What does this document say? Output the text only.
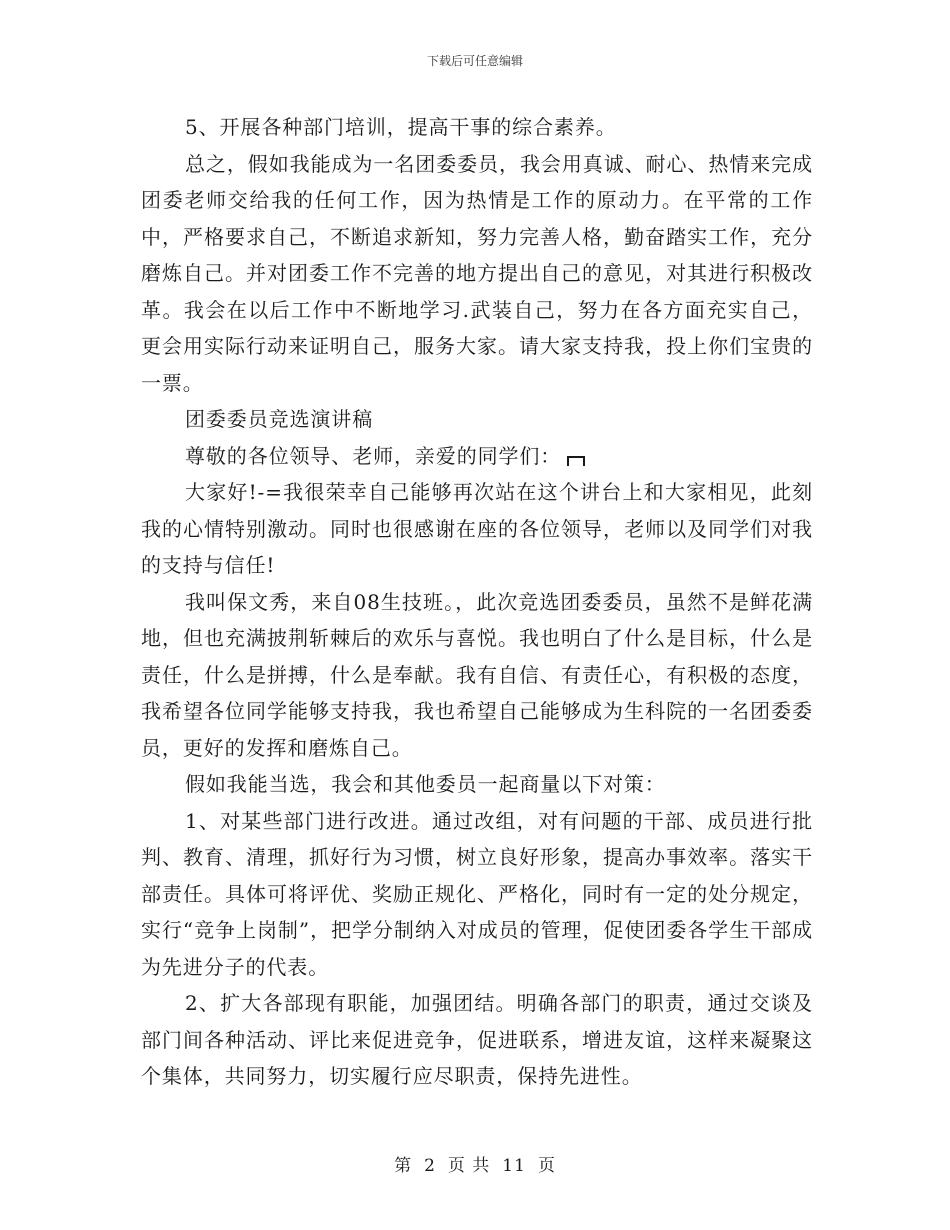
下载后可任意编辑

5、开展各种部门培训，提高干事的综合素养。

总之，假如我能成为一名团委委员，我会用真诚、耐心、热情来完成团委老师交给我的任何工作，因为热情是工作的原动力。在平常的工作中，严格要求自己，不断追求新知，努力完善人格，勤奋踏实工作，充分磨炼自己。并对团委工作不完善的地方提出自己的意见，对其进行积极改革。我会在以后工作中不断地学习.武装自己，努力在各方面充实自己，更会用实际行动来证明自己，服务大家。请大家支持我，投上你们宝贵的一票。

团委委员竞选演讲稿

尊敬的各位领导、老师，亲爱的同学们：

大家好!-=我很荣幸自己能够再次站在这个讲台上和大家相见，此刻我的心情特别激动。同时也很感谢在座的各位领导，老师以及同学们对我的支持与信任!

我叫保文秀，来自08生技班。，此次竞选团委委员，虽然不是鲜花满地，但也充满披荆斩棘后的欢乐与喜悦。我也明白了什么是目标，什么是责任，什么是拼搏，什么是奉献。我有自信、有责任心，有积极的态度，我希望各位同学能够支持我，我也希望自己能够成为生科院的一名团委委员，更好的发挥和磨炼自己。

假如我能当选，我会和其他委员一起商量以下对策：

1、对某些部门进行改进。通过改组，对有问题的干部、成员进行批判、教育、清理，抓好行为习惯，树立良好形象，提高办事效率。落实干部责任。具体可将评优、奖励正规化、严格化，同时有一定的处分规定，实行“竞争上岗制”，把学分制纳入对成员的管理，促使团委各学生干部成为先进分子的代表。

2、扩大各部现有职能，加强团结。明确各部门的职责，通过交谈及部门间各种活动、评比来促进竞争，促进联系，增进友谊，这样来凝聚这个集体，共同努力，切实履行应尽职责，保持先进性。

第 2 页 共 11 页
